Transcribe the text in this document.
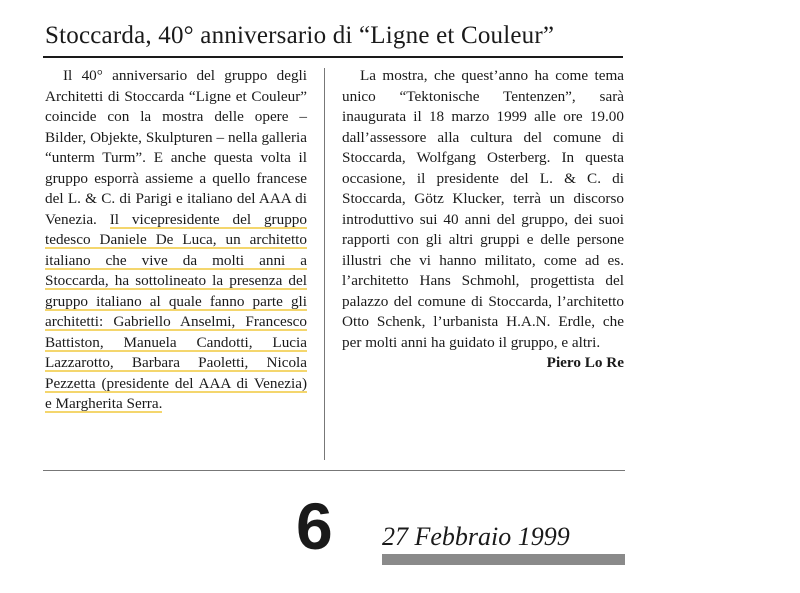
Stoccarda, 40° anniversario di “Ligne et Couleur”

Il 40° anniversario del gruppo degli Architetti di Stoccarda “Ligne et Couleur” coincide con la mostra delle opere – Bilder, Objekte, Skulpturen – nella galleria “unterm Turm”. E anche questa volta il gruppo esporrà assieme a quello francese del L. & C. di Parigi e italiano del AAA di Venezia. Il vicepresidente del gruppo tedesco Daniele De Luca, un architetto italiano che vive da molti anni a Stoccarda, ha sottolineato la presenza del gruppo italiano al quale fanno parte gli architetti: Gabriello Anselmi, Francesco Battiston, Manuela Candotti, Lucia Lazzarotto, Barbara Paoletti, Nicola Pezzetta (presidente del AAA di Venezia) e Margherita Serra.

La mostra, che quest’anno ha come tema unico “Tektonische Tentenzen”, sarà inaugurata il 18 marzo 1999 alle ore 19.00 dall’assessore alla cultura del comune di Stoccarda, Wolfgang Osterberg. In questa occasione, il presidente del L. & C. di Stoccarda, Götz Klucker, terrà un discorso introduttivo sui 40 anni del gruppo, dei suoi rapporti con gli altri gruppi e delle persone illustri che vi hanno militato, come ad es. l’architetto Hans Schmohl, progettista del palazzo del comune di Stoccarda, l’architetto Otto Schenk, l’urbanista H.A.N. Erdle, che per molti anni ha guidato il gruppo, e altri.

Piero Lo Re
6 27 Febbraio 1999
